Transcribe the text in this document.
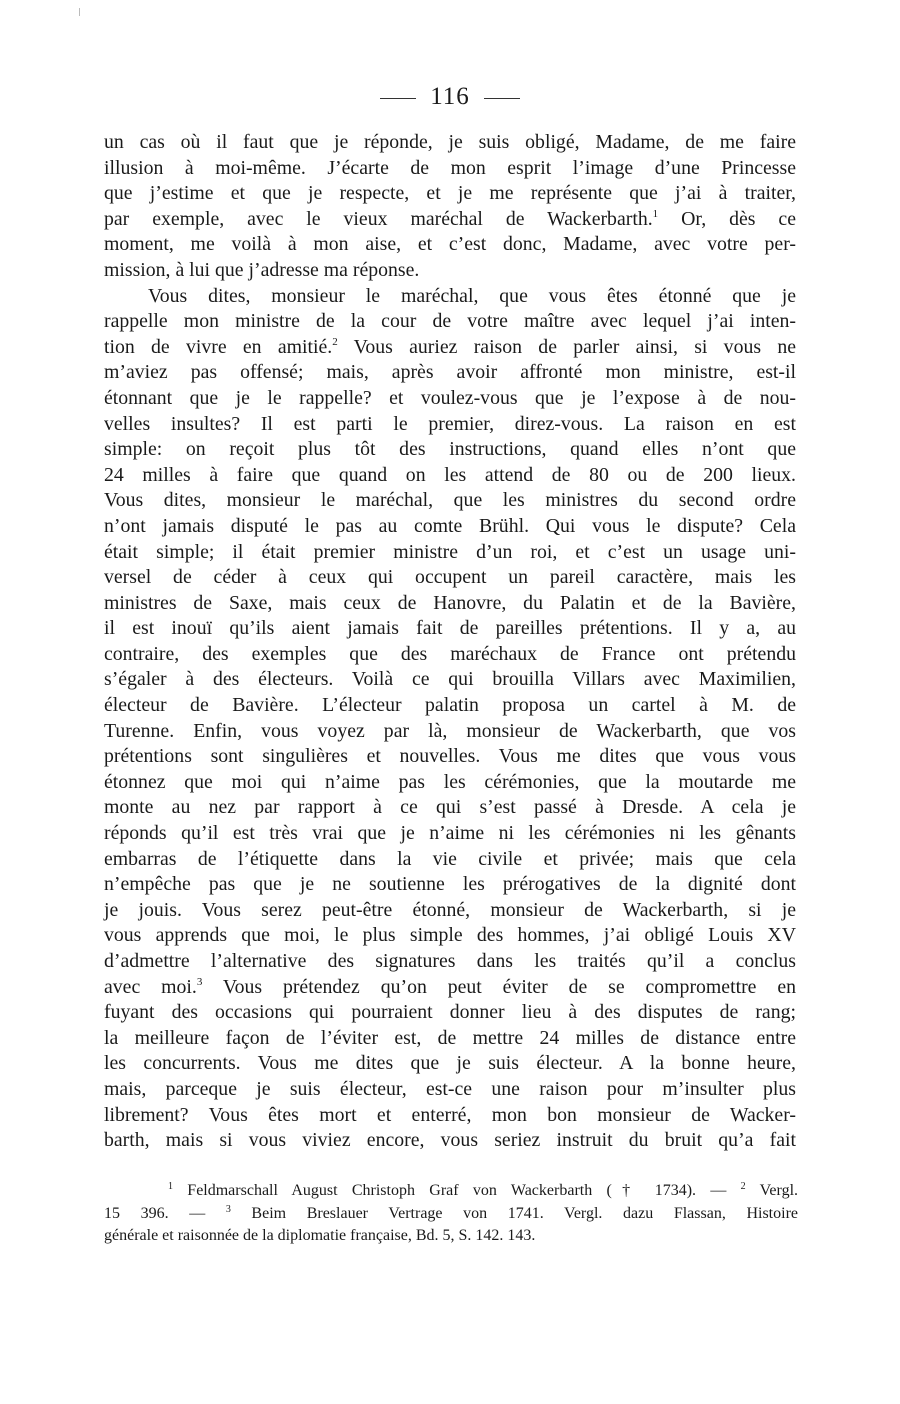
116
un cas où il faut que je réponde, je suis obligé, Madame, de me faire
illusion à moi-même. J’écarte de mon esprit l’image d’une Princesse
que j’estime et que je respecte, et je me représente que j’ai à traiter,
par exemple, avec le vieux maréchal de Wackerbarth.$^1$ Or, dès ce
moment, me voilà à mon aise, et c’est donc, Madame, avec votre per-
mission, à lui que j’adresse ma réponse.
Vous dites, monsieur le maréchal, que vous êtes étonné que je
rappelle mon ministre de la cour de votre maître avec lequel j’ai inten-
tion de vivre en amitié.$^2$ Vous auriez raison de parler ainsi, si vous ne
m’aviez pas offensé; mais, après avoir affronté mon ministre, est-il
étonnant que je le rappelle? et voulez-vous que je l’expose à de nou-
velles insultes? Il est parti le premier, direz-vous. La raison en est
simple: on reçoit plus tôt des instructions, quand elles n’ont que
24 milles à faire que quand on les attend de 80 ou de 200 lieux.
Vous dites, monsieur le maréchal, que les ministres du second ordre
n’ont jamais disputé le pas au comte Brühl. Qui vous le dispute? Cela
était simple; il était premier ministre d’un roi, et c’est un usage uni-
versel de céder à ceux qui occupent un pareil caractère, mais les
ministres de Saxe, mais ceux de Hanovre, du Palatin et de la Bavière,
il est inouï qu’ils aient jamais fait de pareilles prétentions. Il y a, au
contraire, des exemples que des maréchaux de France ont prétendu
s’égaler à des électeurs. Voilà ce qui brouilla Villars avec Maximilien,
électeur de Bavière. L’électeur palatin proposa un cartel à M. de
Turenne. Enfin, vous voyez par là, monsieur de Wackerbarth, que vos
prétentions sont singulières et nouvelles. Vous me dites que vous vous
étonnez que moi qui n’aime pas les cérémonies, que la moutarde me
monte au nez par rapport à ce qui s’est passé à Dresde. A cela je
réponds qu’il est très vrai que je n’aime ni les cérémonies ni les gênants
embarras de l’étiquette dans la vie civile et privée; mais que cela
n’empêche pas que je ne soutienne les prérogatives de la dignité dont
je jouis. Vous serez peut-être étonné, monsieur de Wackerbarth, si je
vous apprends que moi, le plus simple des hommes, j’ai obligé Louis XV
d’admettre l’alternative des signatures dans les traités qu’il a conclus
avec moi.$^3$ Vous prétendez qu’on peut éviter de se compromettre en
fuyant des occasions qui pourraient donner lieu à des disputes de rang;
la meilleure façon de l’éviter est, de mettre 24 milles de distance entre
les concurrents. Vous me dites que je suis électeur. A la bonne heure,
mais, parceque je suis électeur, est-ce une raison pour m’insulter plus
librement? Vous êtes mort et enterré, mon bon monsieur de Wacker-
barth, mais si vous viviez encore, vous seriez instruit du bruit qu’a fait
$^1$ Feldmarschall August Christoph Graf von Wackerbarth († 1734). — $^2$ Vergl.
15 396. — $^3$ Beim Breslauer Vertrage von 1741. Vergl. dazu Flassan, Histoire
générale et raisonnée de la diplomatie française, Bd. 5, S. 142. 143.
